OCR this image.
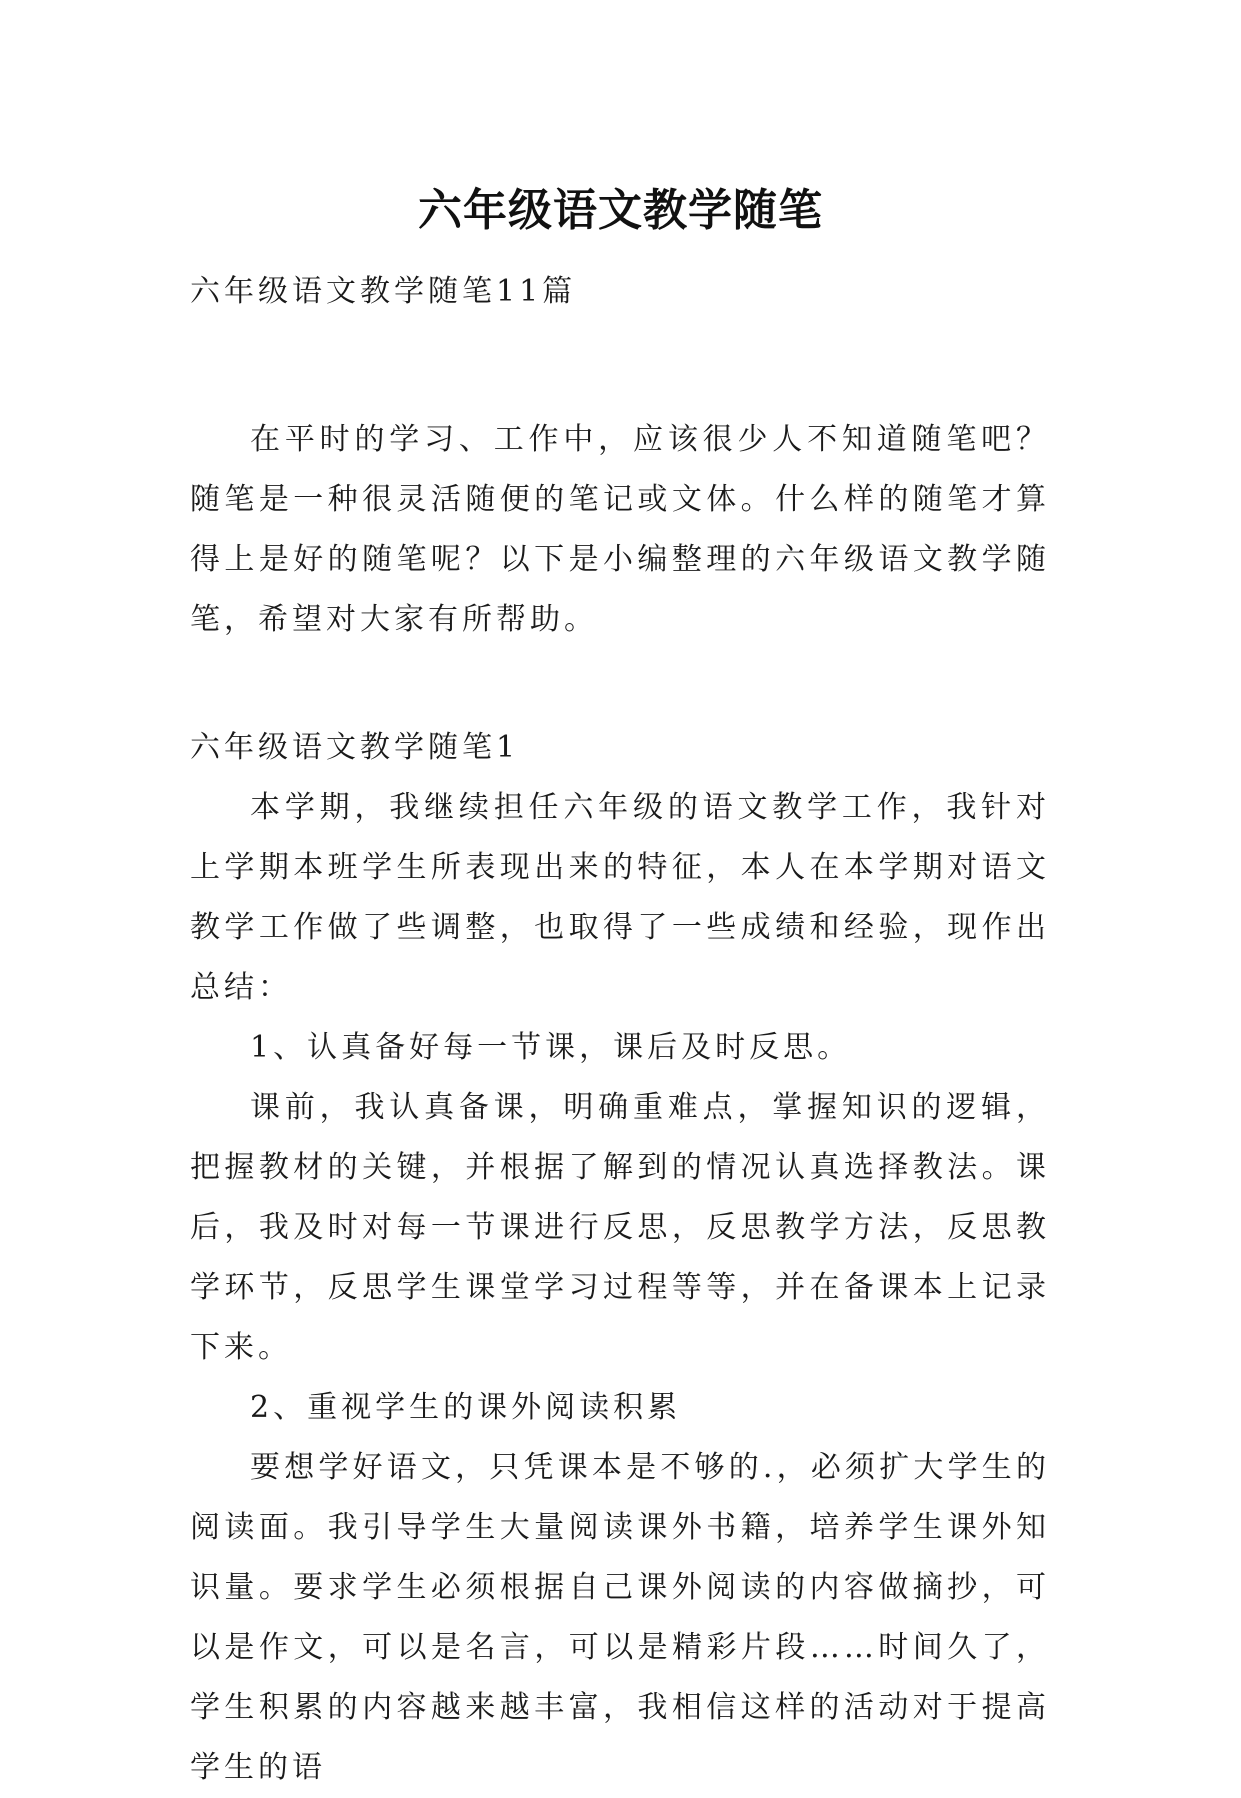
六年级语文教学随笔

六年级语文教学随笔11篇

在平时的学习、工作中，应该很少人不知道随笔吧？随笔是一种很灵活随便的笔记或文体。什么样的随笔才算得上是好的随笔呢？以下是小编整理的六年级语文教学随笔，希望对大家有所帮助。

六年级语文教学随笔1

本学期，我继续担任六年级的语文教学工作，我针对上学期本班学生所表现出来的特征，本人在本学期对语文教学工作做了些调整，也取得了一些成绩和经验，现作出总结：

1、认真备好每一节课，课后及时反思。

课前，我认真备课，明确重难点，掌握知识的逻辑，把握教材的关键，并根据了解到的情况认真选择教法。课后，我及时对每一节课进行反思，反思教学方法，反思教学环节，反思学生课堂学习过程等等，并在备课本上记录下来。

2、重视学生的课外阅读积累

要想学好语文，只凭课本是不够的.，必须扩大学生的阅读面。我引导学生大量阅读课外书籍，培养学生课外知识量。要求学生必须根据自己课外阅读的内容做摘抄，可以是作文，可以是名言，可以是精彩片段……时间久了，学生积累的内容越来越丰富，我相信这样的活动对于提高学生的语
